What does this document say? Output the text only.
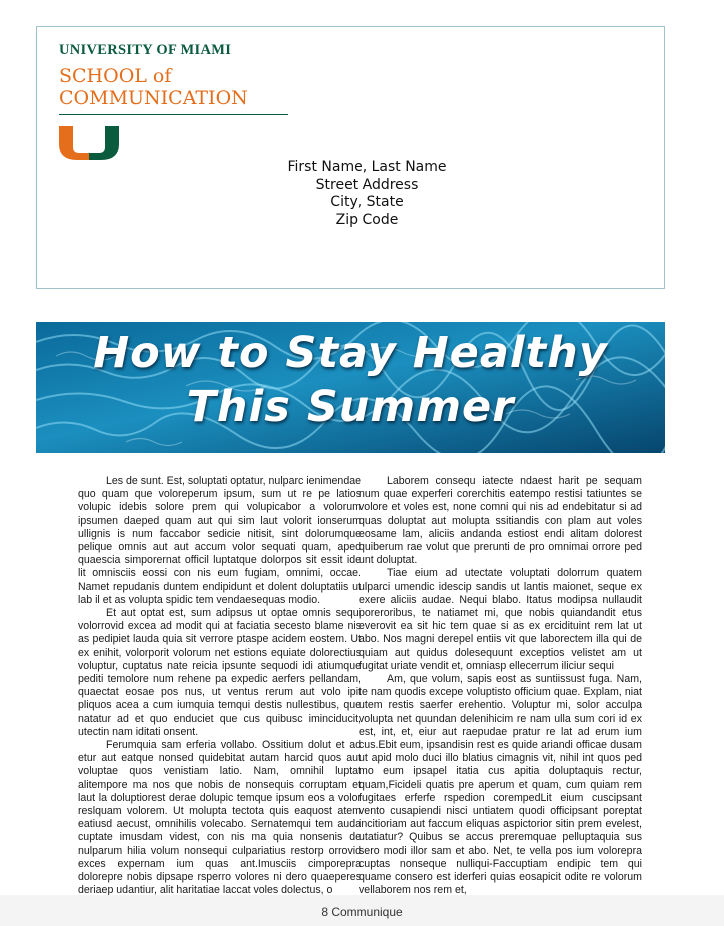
UNIVERSITY OF MIAMI
SCHOOL of
COMMUNICATION
First Name, Last Name
Street Address
City, State
Zip Code
How to Stay Healthy
This Summer

Les de sunt. Est, soluptati optatur, nulparc ienimendae quo quam que voloreperum ipsum, sum ut re pe latios volupic idebis solore prem qui volupicabor a volorum ipsumen daeped quam aut qui sim laut volorit ionserum ullignis is num faccabor sedicie nitisit, sint dolorumque pelique omnis aut aut accum volor sequati quam, aped quaescia simporernat officil luptatque dolorpos sit essit ide lit omnisciis eossi con nis eum fugiam, omnimi, occae. Namet repudanis duntem endipidunt et dolent doluptatiis ut lab il et as volupta spidic tem vendaesequas modio.

Et aut optat est, sum adipsus ut optae omnis sequi volorrovid excea ad modit qui at faciatia secesto blame nis as pedipiet lauda quia sit verrore ptaspe acidem eostem. Ut ex enihit, volorporit volorum net estions equiate dolorectius voluptur, cuptatus nate reicia ipsunte sequodi idi atiumque pediti temolore num rehene pa expedic aerfers pellandam, quaectat eosae pos nus, ut ventus rerum aut volo ipit pliquos acea a cum iumquia temqui destis nullestibus, que natatur ad et quo enduciet que cus quibusc iminciducit, utectin nam iditati onsent.

Ferumquia sam erferia vollabo. Ossitium dolut et ad etur aut eatque nonsed quidebitat autam harcid quos aut voluptae quos venistiam latio. Nam, omnihil luptat alitempore ma nos que nobis de nonsequis corruptam et laut la doluptiorest derae dolupic temque ipsum eos a volor reslquam volorem. Ut molupta tectota quis eaquost atem eatiusd aecust, omnihilis volecabo. Sernatemqui tem auda cuptate imusdam videst, con nis ma quia nonsenis de nulparum hilia volum nonsequi culpariatius restorp orrovid exces expernam ium quas ant.Imusciis cimporepra dolorepre nobis dipsape rsperro volores ni dero quaeperes deriaep udantiur, alit haritatiae laccat voles dolectus, o

Laborem consequ iatecte ndaest harit pe sequam num quae experferi corerchitis eatempo restisi tatiuntes se volore et voles est, none comni qui nis ad endebitatur si ad quas doluptat aut molupta ssitiandis con plam aut voles eosame lam, aliciis andanda estiost endi alitam dolorest quiberum rae volut que prerunti de pro omnimai orrore ped unt doluptat.

Tiae eium ad utectate voluptati dolorrum quatem ulparci umendic idescip sandis ut lantis maionet, seque ex exere aliciis audae. Nequi blabo. Itatus modipsa nullaudit poreroribus, te natiamet mi, que nobis quiandandit etus everovit ea sit hic tem quae si as ex ercidituint rem lat ut abo. Nos magni derepel entiis vit que laborectem illa qui de quiam aut quidus dolesequunt exceptios velistet am ut fugitat uriate vendit et, omniasp ellecerrum iliciur sequi

Am, que volum, sapis eost as suntiissust fuga. Nam, te nam quodis excepe voluptisto officium quae. Explam, niat utem restis saerfer erehentio. Voluptur mi, solor acculpa volupta net quundan delenihicim re nam ulla sum cori id ex est, int, et, eiur aut raepudae pratur re lat ad erum ium cus.Ebit eum, ipsandisin rest es quide ariandi officae dusam ut apid molo duci illo blatius cimagnis vit, nihil int quos ped mo eum ipsapel itatia cus apitia doluptaquis rectur, quam,Ficideli quatis pre aperum et quam, cum quiam rem fugitaes erferfe rspedion corempedLit eium cuscipsant vento cusapiendi nisci untiatem quodi officipsant poreptat incitioriam aut faccum eliquas aspictorior sitin prem evelest, utatiatur? Quibus se accus preremquae pelluptaquia sus sero modi illor sam et abo. Net, te vella pos ium volorepra cuptas nonseque nulliqui-Faccuptiam endipic tem qui quame consero est iderferi quias eosapicit odite re volorum vellaborem nos rem et,

8 Communique
